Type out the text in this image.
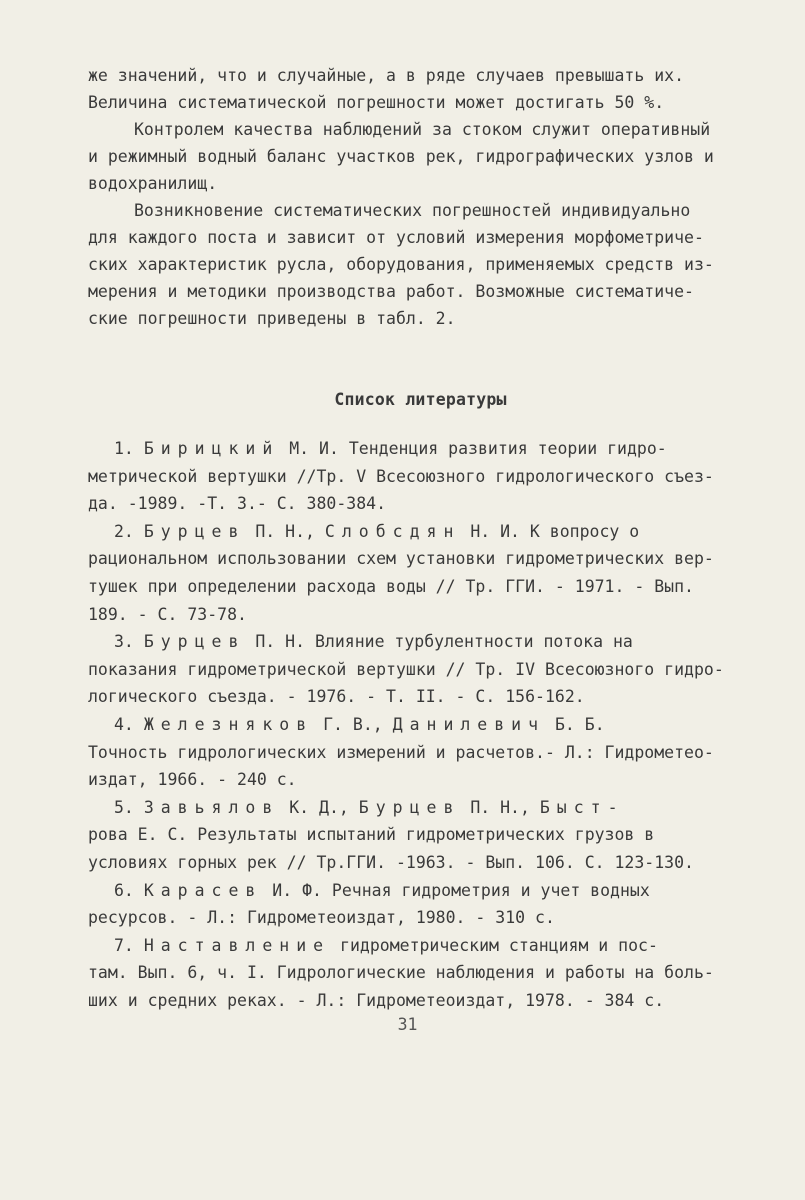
же значений, что и случайные, а в ряде случаев превышать их.
Величина систематической погрешности может достигать 50 %.

Контролем качества наблюдений за стоком служит оперативный
и режимный водный баланс участков рек, гидрографических узлов и
водохранилищ.

Возникновение систематических погрешностей индивидуально
для каждого поста и зависит от условий измерения морфометриче-
ских характеристик русла, оборудования, применяемых средств из-
мерения и методики производства работ. Возможные систематиче-
ские погрешности приведены в табл. 2.

Список литературы
1. Бирицкий М. И. Тенденция развития теории гидро-
метрической вертушки //Тр. V Всесоюзного гидрологического съез-
да. -1989. -Т. 3.- С. 380-384.
2. Бурцев П. Н., Слобсдян Н. И. К вопросу о
рациональном использовании схем установки гидрометрических вер-
тушек при определении расхода воды // Тр. ГГИ. - 1971. - Вып.
189. - С. 73-78.
3. Бурцев П. Н. Влияние турбулентности потока на
показания гидрометрической вертушки // Тр. IV Всесоюзного гидро-
логического съезда. - 1976. - Т. II. - С. 156-162.
4. Железняков Г. В., Данилевич Б. Б.
Точность гидрологических измерений и расчетов.- Л.: Гидрометео-
издат, 1966. - 240 с.
5. Завьялов К. Д., Бурцев П. Н., Быст-
рова Е. С. Результаты испытаний гидрометрических грузов в
условиях горных рек // Тр.ГГИ. -1963. - Вып. 106. С. 123-130.
6. Карасев И. Ф. Речная гидрометрия и учет водных
ресурсов. - Л.: Гидрометеоиздат, 1980. - 310 с.
7. Наставление гидрометрическим станциям и пос-
там. Вып. 6, ч. I. Гидрологические наблюдения и работы на боль-
ших и средних реках. - Л.: Гидрометеоиздат, 1978. - 384 с.
31
